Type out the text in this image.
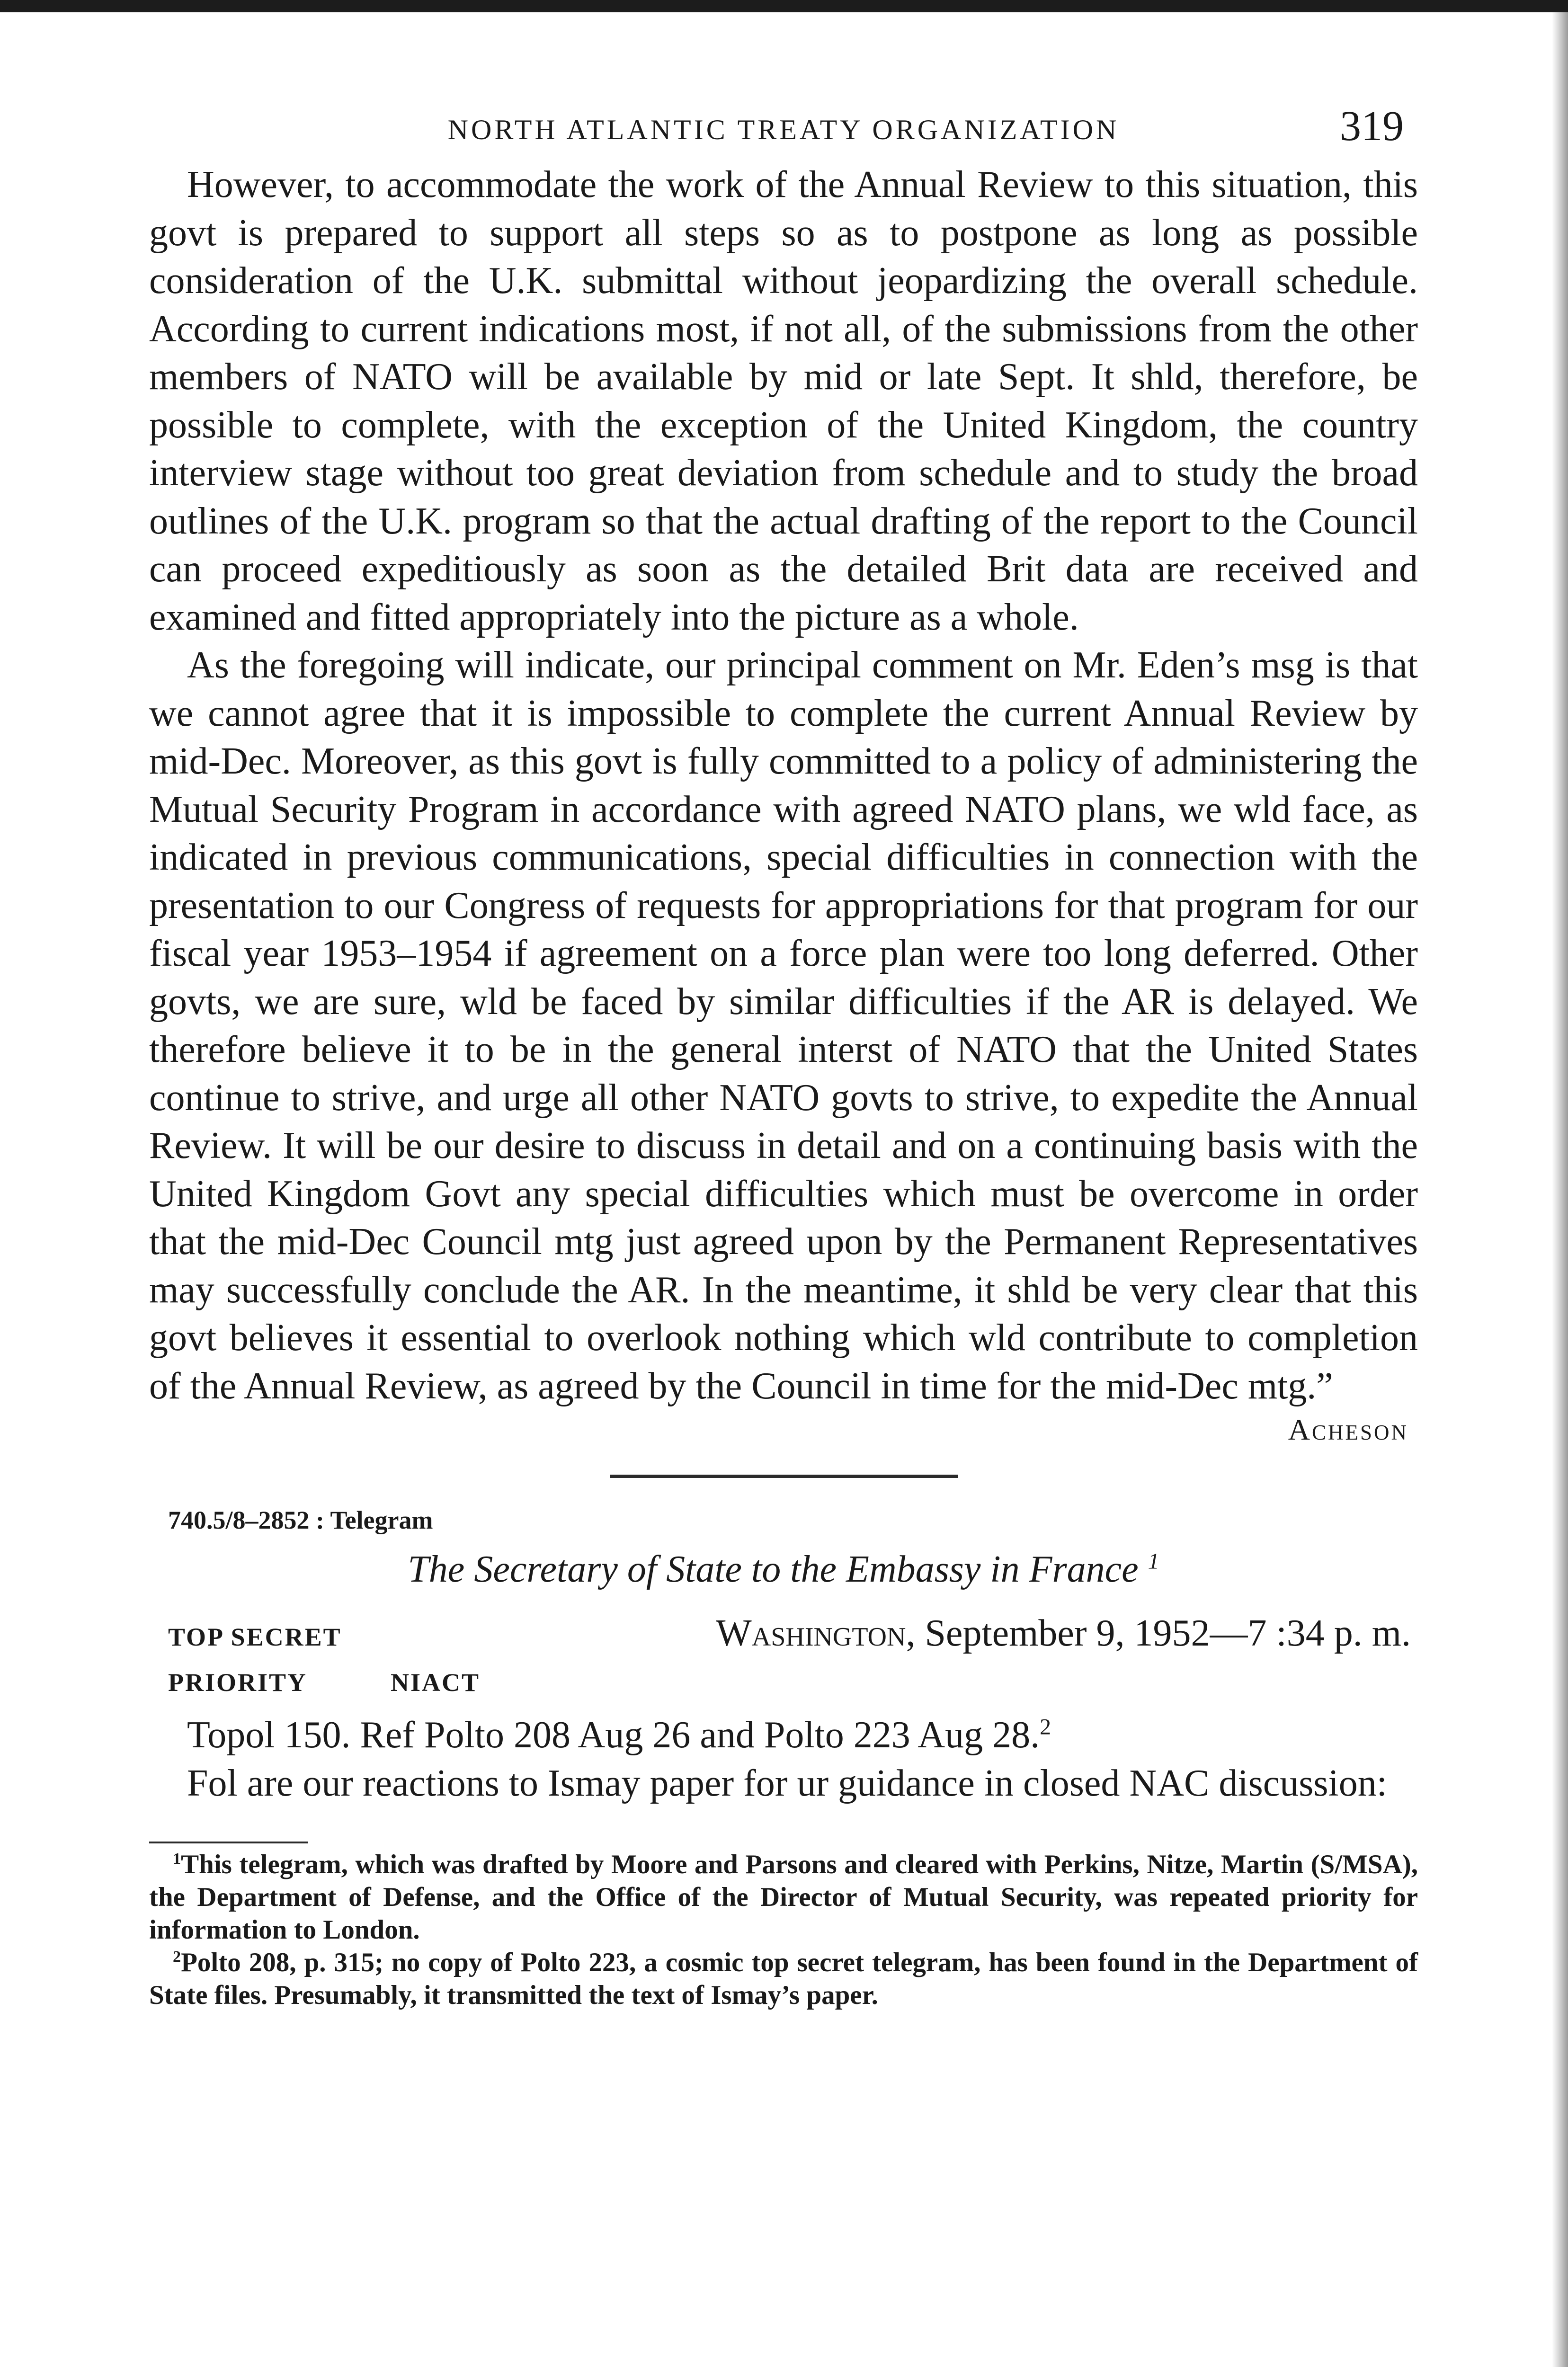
NORTH ATLANTIC TREATY ORGANIZATION	319

However, to accommodate the work of the Annual Review to this situation, this govt is prepared to support all steps so as to postpone as long as possible consideration of the U.K. submittal without jeopardizing the overall schedule. According to current indications most, if not all, of the submissions from the other members of NATO will be available by mid or late Sept. It shld, therefore, be possible to complete, with the exception of the United Kingdom, the country interview stage without too great deviation from schedule and to study the broad outlines of the U.K. program so that the actual drafting of the report to the Council can proceed expeditiously as soon as the detailed Brit data are received and examined and fitted appropriately into the picture as a whole.

As the foregoing will indicate, our principal comment on Mr. Eden’s msg is that we cannot agree that it is impossible to complete the current Annual Review by mid-Dec. Moreover, as this govt is fully committed to a policy of administering the Mutual Security Program in accordance with agreed NATO plans, we wld face, as indicated in previous communications, special difficulties in connection with the presentation to our Congress of requests for appropriations for that program for our fiscal year 1953–1954 if agreement on a force plan were too long deferred. Other govts, we are sure, wld be faced by similar difficulties if the AR is delayed. We therefore believe it to be in the general interst of NATO that the United States continue to strive, and urge all other NATO govts to strive, to expedite the Annual Review. It will be our desire to discuss in detail and on a continuing basis with the United Kingdom Govt any special difficulties which must be overcome in order that the mid-Dec Council mtg just agreed upon by the Permanent Representatives may successfully conclude the AR. In the meantime, it shld be very clear that this govt believes it essential to overlook nothing which wld contribute to completion of the Annual Review, as agreed by the Council in time for the mid-Dec mtg.”

Acheson
740.5/8–2852 : Telegram
The Secretary of State to the Embassy in France $^1$
TOP SECRET
PRIORITY	NIACT
Washington, September 9, 1952—7 :34 p. m.

Topol 150. Ref Polto 208 Aug 26 and Polto 223 Aug 28.$^2$

Fol are our reactions to Ismay paper for ur guidance in closed NAC discussion:

$^1$This telegram, which was drafted by Moore and Parsons and cleared with Perkins, Nitze, Martin (S/MSA), the Department of Defense, and the Office of the Director of Mutual Security, was repeated priority for information to London.

$^2$Polto 208, p. 315; no copy of Polto 223, a cosmic top secret telegram, has been found in the Department of State files. Presumably, it transmitted the text of Ismay’s paper.
